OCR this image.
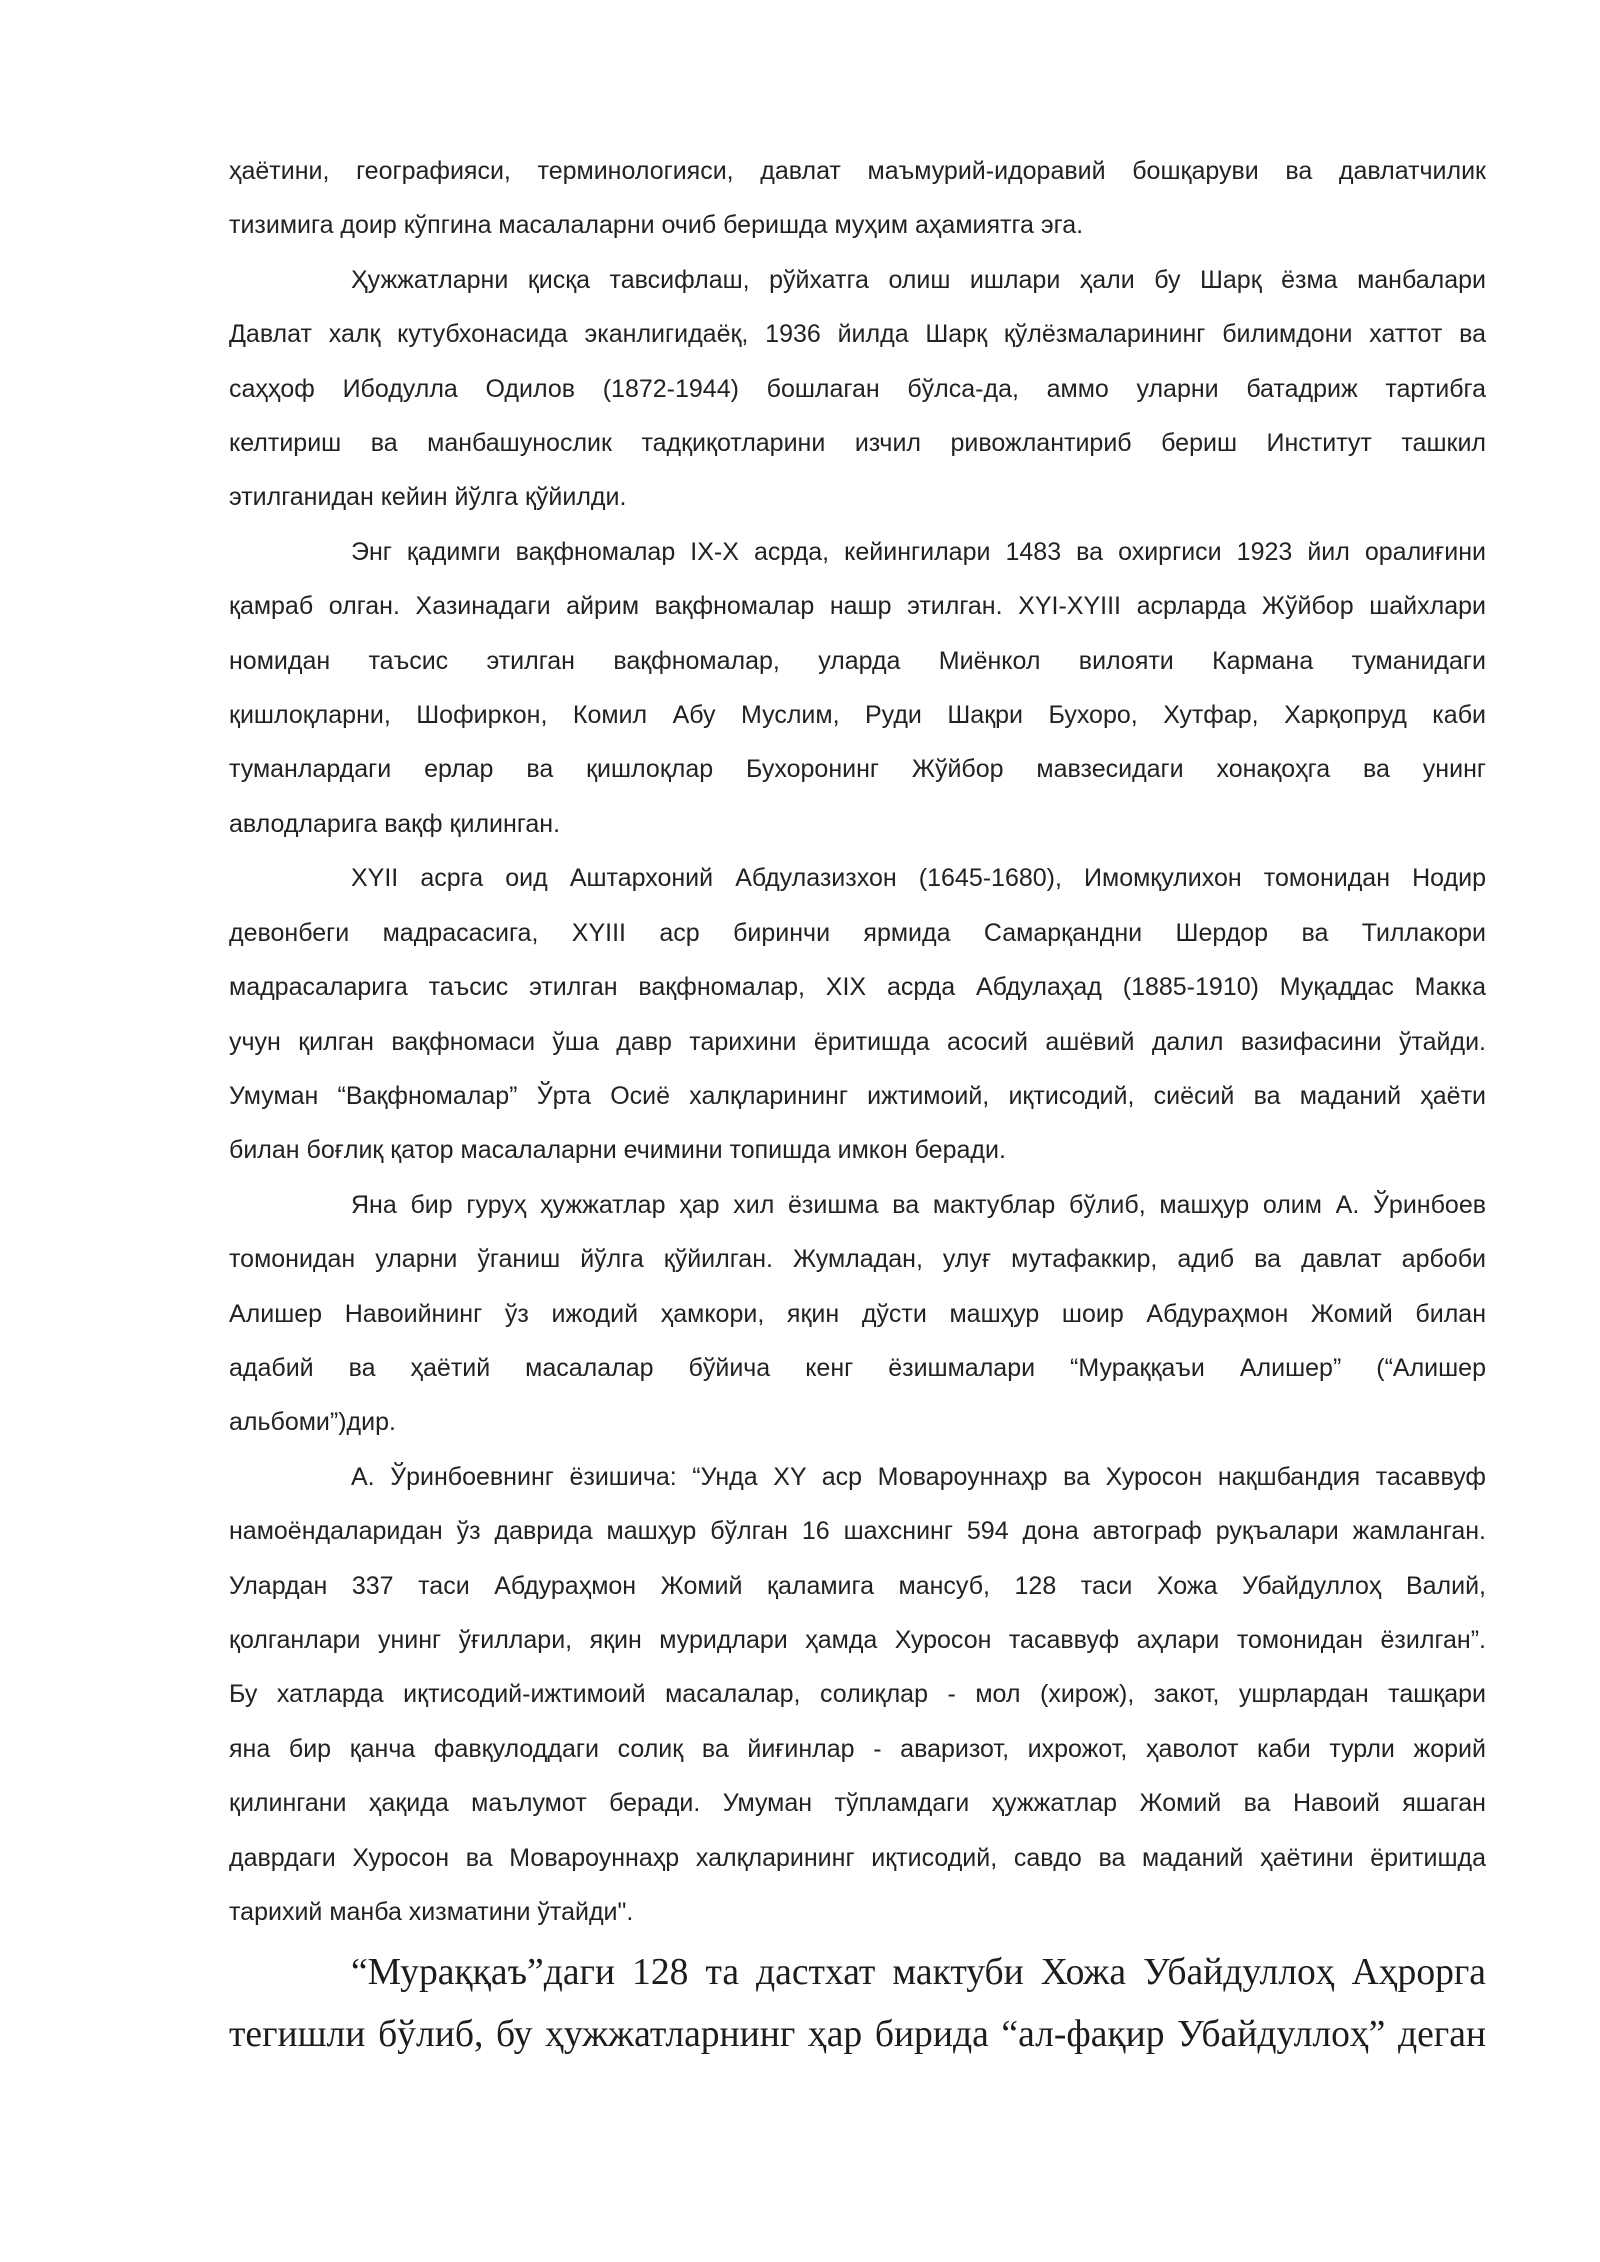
ҳаётини, географияси, терминологияси, давлат маъмурий-идоравий бошқаруви ва давлатчилик
тизимига доир кўпгина масалаларни очиб беришда муҳим аҳамиятга эга.
Ҳужжатларни қисқа тавсифлаш, рўйхатга олиш ишлари ҳали бу Шарқ ёзма манбалари
Давлат халқ кутубхонасида эканлигидаёқ, 1936 йилда Шарқ қўлёзмаларининг билимдони хаттот ва
саҳҳоф Ибодулла Одилов (1872-1944) бошлаган бўлса-да, аммо уларни батадриж тартибга
келтириш ва манбашунослик тадқиқотларини изчил ривожлантириб бериш Институт ташкил
этилганидан кейин йўлга қўйилди.
Энг қадимги вақфномалар IX-X асрда, кейингилари 1483 ва охиргиси 1923 йил оралиғини
қамраб олган. Хазинадаги айрим вақфномалар нашр этилган. XYI-XYIII асрларда Жўйбор шайхлари
номидан таъсис этилган вақфномалар, уларда Миёнкол вилояти Кармана туманидаги
қишлоқларни, Шофиркон, Комил Абу Муслим, Руди Шақри Бухоро, Хутфар, Харқопруд каби
туманлардаги ерлар ва қишлоқлар Бухоронинг Жўйбор мавзесидаги хонақоҳга ва унинг
авлодларига вақф қилинган.
XYII асрга оид Аштархоний Абдулазизхон (1645-1680), Имомқулихон томонидан Нодир
девонбеги мадрасасига, XYIII аср биринчи ярмида Самарқандни Шердор ва Тиллакори
мадрасаларига таъсис этилган вақфномалар, XIX асрда Абдулаҳад (1885-1910) Муқаддас Макка
учун қилган вақфномаси ўша давр тарихини ёритишда асосий ашёвий далил вазифасини ўтайди.
Умуман “Вақфномалар” Ўрта Осиё халқларининг ижтимоий, иқтисодий, сиёсий ва маданий ҳаёти
билан боғлиқ қатор масалаларни ечимини топишда имкон беради.
Яна бир гуруҳ ҳужжатлар ҳар хил ёзишма ва мактублар бўлиб, машҳур олим А. Ўринбоев
томонидан уларни ўганиш йўлга қўйилган. Жумладан, улуғ мутафаккир, адиб ва давлат арбоби
Алишер Навоийнинг ўз ижодий ҳамкори, яқин дўсти машҳур шоир Абдураҳмон Жомий билан
адабий ва ҳаётий масалалар бўйича кенг ёзишмалари “Мураққаъи Алишер” (“Алишер
альбоми”)дир.
А. Ўринбоевнинг ёзишича: “Унда XY аср Мовароуннаҳр ва Хуросон нақшбандия тасаввуф
намоёндаларидан ўз даврида машҳур бўлган 16 шахснинг 594 дона автограф руқъалари жамланган.
Улардан 337 таси Абдураҳмон Жомий қаламига мансуб, 128 таси Хожа Убайдуллоҳ Валий,
қолганлари унинг ўғиллари, яқин муридлари ҳамда Хуросон тасаввуф аҳлари томонидан ёзилган”.
Бу хатларда иқтисодий-ижтимоий масалалар, солиқлар - мол (хирож), закот, ушрлардан ташқари
яна бир қанча фавқулоддаги солиқ ва йиғинлар - аваризот, ихрожот, ҳаволот каби турли жорий
қилингани ҳақида маълумот беради. Умуман тўпламдаги ҳужжатлар Жомий ва Навоий яшаган
даврдаги Хуросон ва Мовароуннаҳр халқларининг иқтисодий, савдо ва маданий ҳаётини ёритишда
тарихий манба хизматини ўтайди".
“Мураққаъ”даги 128 та дастхат мактуби Хожа Убайдуллоҳ Аҳрорга
тегишли бўлиб, бу ҳужжатларнинг ҳар бирида “ал-фақир Убайдуллоҳ” деган
